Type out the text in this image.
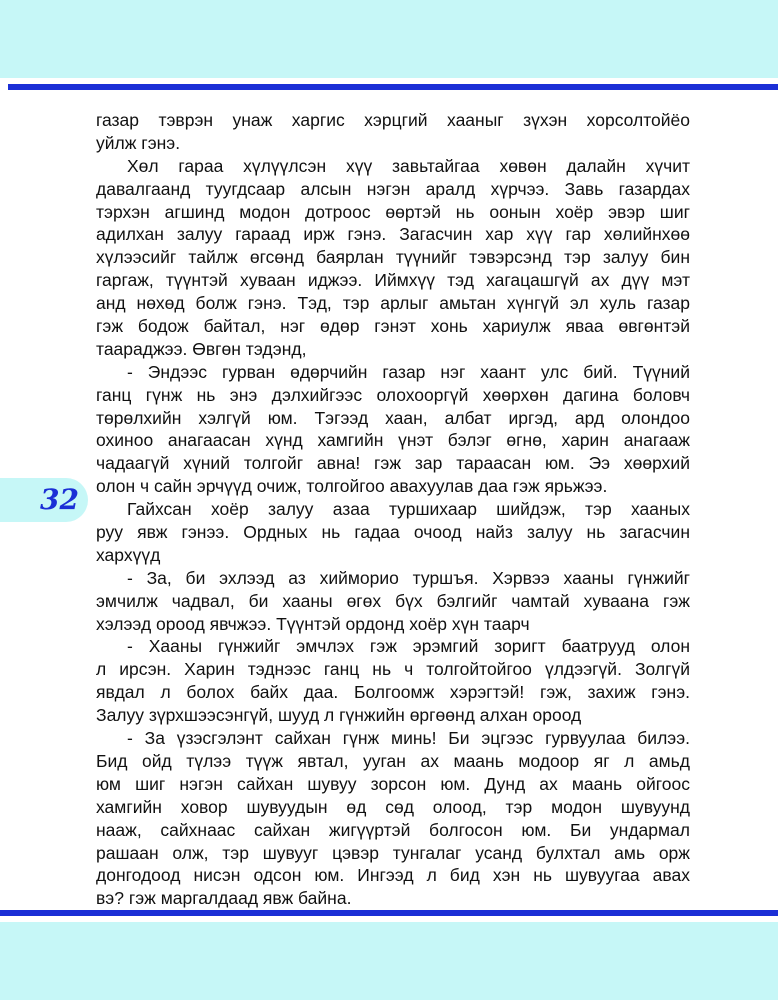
32
газар тэврэн унаж харгис хэрцгий хааныг зүхэн хорсолтойёо
уйлж гэнэ.
Хөл гараа хүлүүлсэн хүү завьтайгаа хөвөн далайн хүчит
давалгаанд туугдсаар алсын нэгэн аралд хүрчээ. Завь газардах
тэрхэн агшинд модон дотроос өөртэй нь оонын хоёр эвэр шиг
адилхан залуу гараад ирж гэнэ. Загасчин хар хүү гар хөлийнхөө
хүлээсийг тайлж өгсөнд баярлан түүнийг тэвэрсэнд тэр залуу бин
гаргаж, түүнтэй хуваан иджээ. Иймхүү тэд хагацашгүй ах дүү мэт
анд нөхөд болж гэнэ. Тэд, тэр арлыг амьтан хүнгүй эл хуль газар
гэж бодож байтал, нэг өдөр гэнэт хонь хариулж яваа өвгөнтэй
таараджээ. Өвгөн тэдэнд,
- Эндээс гурван өдөрчийн газар нэг хаант улс бий. Түүний
ганц гүнж нь энэ дэлхийгээс олохооргүй хөөрхөн дагина боловч
төрөлхийн хэлгүй юм. Тэгээд хаан, албат иргэд, ард олондоо
охиноо анагаасан хүнд хамгийн үнэт бэлэг өгнө, харин анагааж
чадаагүй хүний толгойг авна! гэж зар тараасан юм. Ээ хөөрхий
олон ч сайн эрчүүд очиж, толгойгоо авахуулав даа гэж ярьжээ.
Гайхсан хоёр залуу азаа туршихаар шийдэж, тэр хааных
руу явж гэнээ. Ордных нь гадаа очоод найз залуу нь загасчин
хархүүд
- За, би эхлээд аз хийморио туршъя. Хэрвээ хааны гүнжийг
эмчилж чадвал, би хааны өгөх бүх бэлгийг чамтай хуваана гэж
хэлээд ороод явчжээ. Түүнтэй ордонд хоёр хүн таарч
- Хааны гүнжийг эмчлэх гэж эрэмгий зоригт баатрууд олон
л ирсэн. Харин тэднээс ганц нь ч толгойтойгоо үлдээгүй. Золгүй
явдал л болох байх даа. Болгоомж хэрэгтэй! гэж, захиж гэнэ.
Залуу зүрхшээсэнгүй, шууд л гүнжийн өргөөнд алхан ороод
- За үзэсгэлэнт сайхан гүнж минь! Би эцгээс гурвуулаа билээ.
Бид ойд түлээ түүж явтал, ууган ах маань модоор яг л амьд
юм шиг нэгэн сайхан шувуу зорсон юм. Дунд ах маань ойгоос
хамгийн ховор шувуудын өд сөд олоод, тэр модон шувуунд
нааж, сайхнаас сайхан жигүүртэй болгосон юм. Би ундармал
рашаан олж, тэр шувууг цэвэр тунгалаг усанд булхтал амь орж
донгодоод нисэн одсон юм. Ингээд л бид хэн нь шувуугаа авах
вэ? гэж маргалдаад явж байна.
